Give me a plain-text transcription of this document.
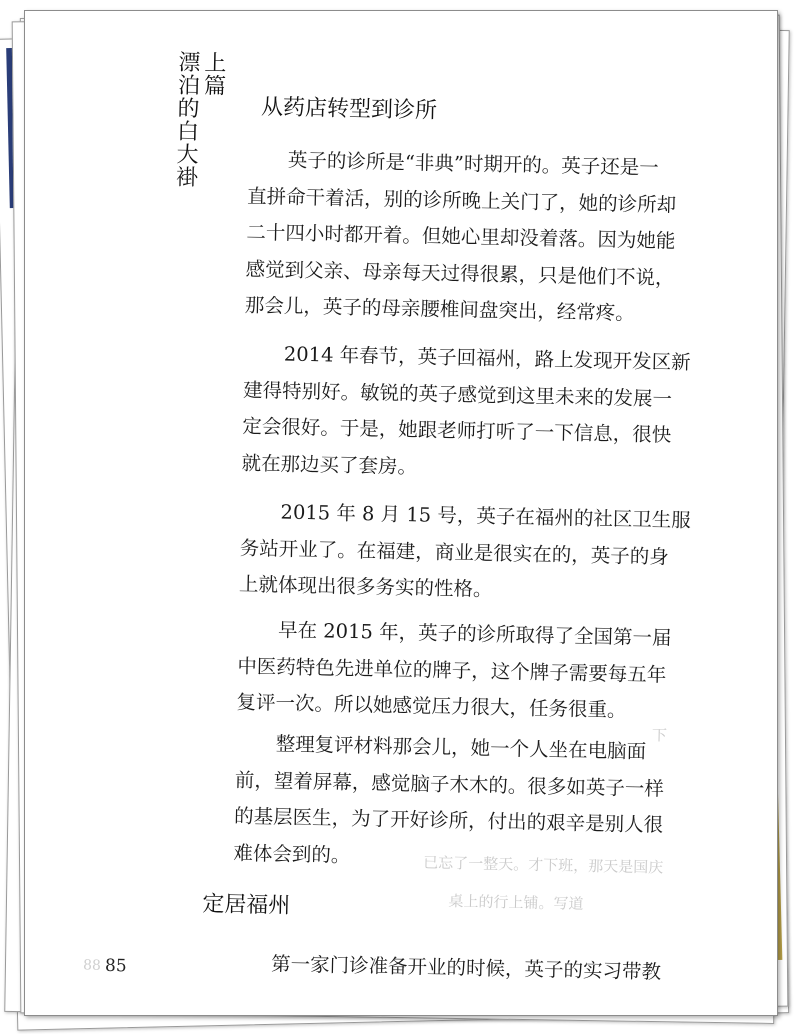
上篇
漂泊的白大褂	从药店转型到诊所
英子的诊所是“非典”时期开的。英子还是一
直拼命干着活，别的诊所晚上关门了，她的诊所却
二十四小时都开着。但她心里却没着落。因为她能
感觉到父亲、母亲每天过得很累，只是他们不说，
那会儿，英子的母亲腰椎间盘突出，经常疼。
2014 年春节，英子回福州，路上发现开发区新
建得特别好。敏锐的英子感觉到这里未来的发展一
定会很好。于是，她跟老师打听了一下信息，很快
就在那边买了套房。
2015 年 8 月 15 号，英子在福州的社区卫生服
务站开业了。在福建，商业是很实在的，英子的身
上就体现出很多务实的性格。
早在 2015 年，英子的诊所取得了全国第一届
中医药特色先进单位的牌子，这个牌子需要每五年
复评一次。所以她感觉压力很大，任务很重。
下
整理复评材料那会儿，她一个人坐在电脑面
前，望着屏幕，感觉脑子木木的。很多如英子一样
的基层医生，为了开好诊所，付出的艰辛是别人很
难体会到的。	已忘了一整天。才下班，那天是国庆
桌上的行上铺。写道
定居福州
第一家门诊准备开业的时候，英子的实习带教
88 85
